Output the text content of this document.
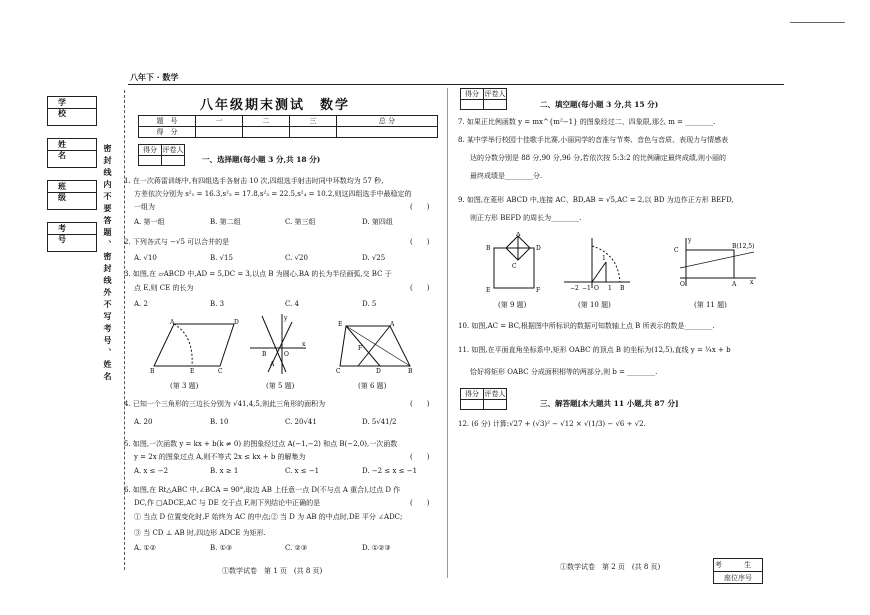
八年下 · 数学
学 校
姓 名
班 级
考 号	密封线内不要答题、密封线外不写考号、姓名
八年级期末测试　数学
题　号	一	二	三	总 分
得　分				
得分	评卷人

一、选择题(每小题 3 分,共 18 分)
1. 在一次蒋雷训练中,有四组选手各射击 10 次,四组选手射击时同中环数均为 57 秒,
方差依次分别为 s²₁ = 16.3,s²₂ = 17.8,s²₃ = 22.5,s²₄ = 10.2,则这四组选手中最稳定的
一组为	(　　)
A. 第一组	B. 第二组	C. 第三组	D. 第四组
2. 下列各式与 −√5 可以合并的是	(　　)
A. √10	B. √15	C. √20	D. √25
3. 如图,在 ▱ABCD 中,AD = 5,DC = 3,以点 B 为圆心,BA 的长为半径画弧,交 BC 于
点 E,则 CE 的长为	(　　)
A. 2	B. 3	C. 4	D. 5
A	D
B	E	C
(第 3 题)
y
x
O
B
A
(第 5 题)
E	A
F
C	D	B
(第 6 题)
4. 已知一个三角形的三边长分别为 √41,4,5,则此三角形的面积为	(　　)
A. 20	B. 10	C. 20√41	D. 5√41/2
5. 如图,一次函数 y = kx + b(k ≠ 0) 的图象经过点 A(−1,−2) 和点 B(−2,0),一次函数
y = 2x 的图象过点 A,则不等式 2x ≤ kx + b 的解集为	(　　)
A. x ≤ −2	B. x ≥ 1	C. x ≤ −1	D. −2 ≤ x ≤ −1
6. 如图,在 Rt△ABC 中,∠BCA = 90°,取边 AB 上任意一点 D(不与点 A 重合),过点 D 作
DC,作 □ADCE,AC 与 DE 交于点 F,则下列结论中正确的是	(　　)
① 当点 D 位置变化时,F 始终为 AC 的中点;② 当 D 为 AB 的中点时,DE 平分 ∠ADC;
③ 当 CD ⊥ AB 时,四边形 ADCE 为矩形.
A. ①②	B. ①③	C. ②③	D. ①②③
①数学试卷　第 1 页　(共 8 页)
得分	评卷人

二、填空题(每小题 3 分,共 15 分)
7. 如果正比例函数 y = mx^{m²−1} 的图象经过二、四象限,那么 m = ________.
8. 某中学举行校园十佳歌手比赛,小丽同学的音准与节奏、音色与音质、表现力与情感表
达的分数分别是 88 分,90 分,96 分,若依次按 5:3:2 的比例确定最终成绩,则小丽的
最终成绩是________分.
9. 如图,在菱形 ABCD 中,连接 AC、BD,AB = √5,AC = 2,以 BD 为边作正方形 BEFD,
则正方形 BEFD 的周长为________.
A
B	D
C
E	F
(第 9 题)
−2 −1 O 1 B
1
(第 10 题)
y
C
O	A x
B(12,5)
(第 11 题)
10. 如图,AC = BC,根据图中所标识的数据可知数轴上点 B 所表示的数是________.
11. 如图,在平面直角坐标系中,矩形 OABC 的顶点 B 的坐标为(12,5),直线 y = ¼x + b
恰好将矩形 OABC 分成面积相等的两部分,则 b = ________.
得分	评卷人

三、解答题[本大题共 11 小题,共 87 分]
12. (6 分) 计算:√27 + (√3)² − √12 × √(1/3) − √6 ÷ √2.
考 生
座位序号
①数学试卷　第 2 页　(共 8 页)
